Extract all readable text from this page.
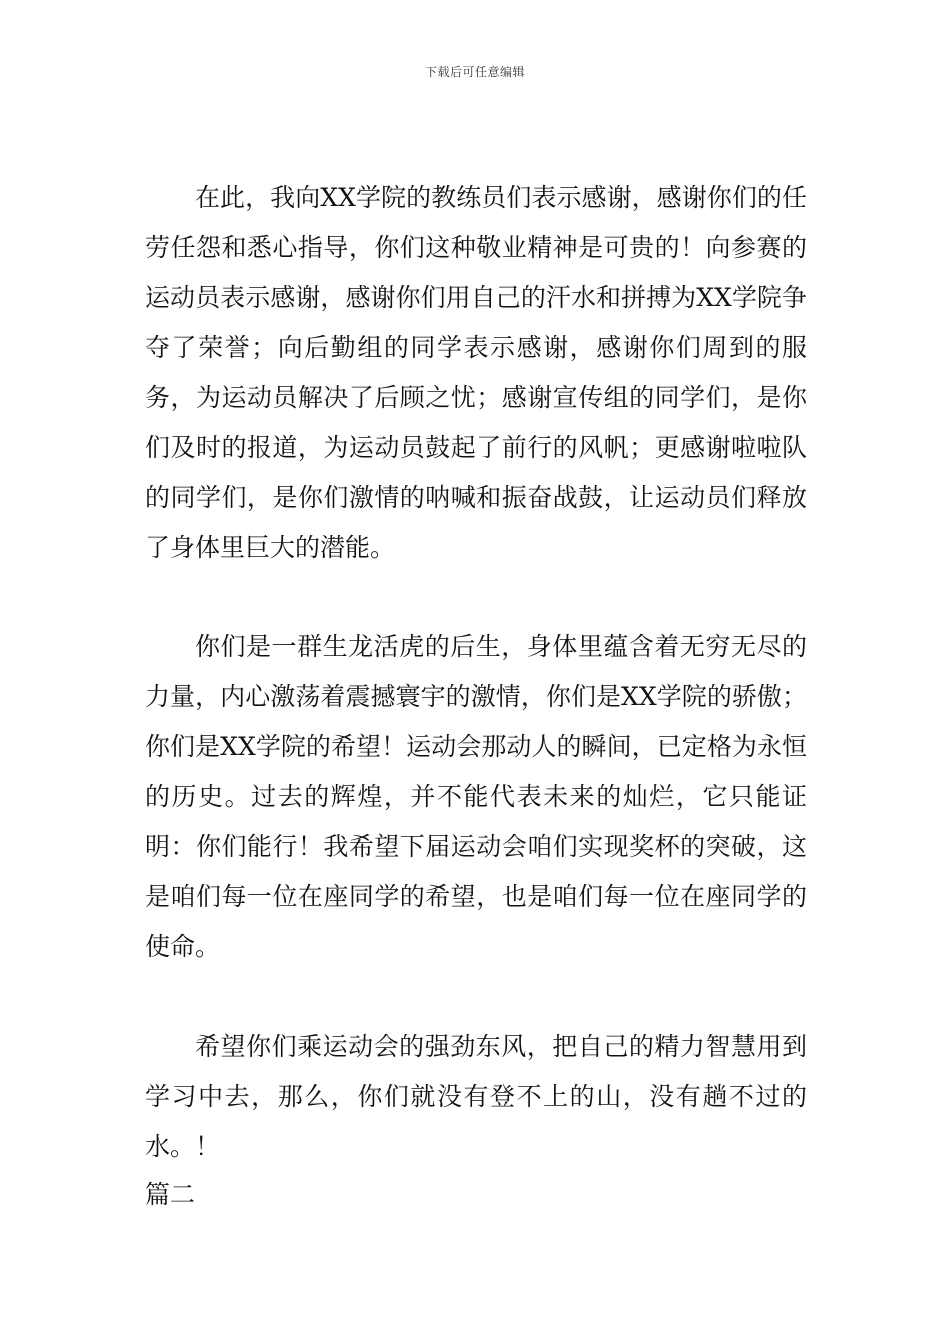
下载后可任意编辑

在此，我向XX学院的教练员们表示感谢，感谢你们的任劳任怨和悉心指导，你们这种敬业精神是可贵的！向参赛的运动员表示感谢，感谢你们用自己的汗水和拼搏为XX学院争夺了荣誉；向后勤组的同学表示感谢，感谢你们周到的服务，为运动员解决了后顾之忧；感谢宣传组的同学们，是你们及时的报道，为运动员鼓起了前行的风帆；更感谢啦啦队的同学们，是你们激情的呐喊和振奋战鼓，让运动员们释放了身体里巨大的潜能。

你们是一群生龙活虎的后生，身体里蕴含着无穷无尽的力量，内心激荡着震撼寰宇的激情，你们是XX学院的骄傲；你们是XX学院的希望！运动会那动人的瞬间，已定格为永恒的历史。过去的辉煌，并不能代表未来的灿烂，它只能证明：你们能行！我希望下届运动会咱们实现奖杯的突破，这是咱们每一位在座同学的希望，也是咱们每一位在座同学的使命。

希望你们乘运动会的强劲东风，把自己的精力智慧用到学习中去，那么，你们就没有登不上的山，没有趟不过的水。！

篇二
